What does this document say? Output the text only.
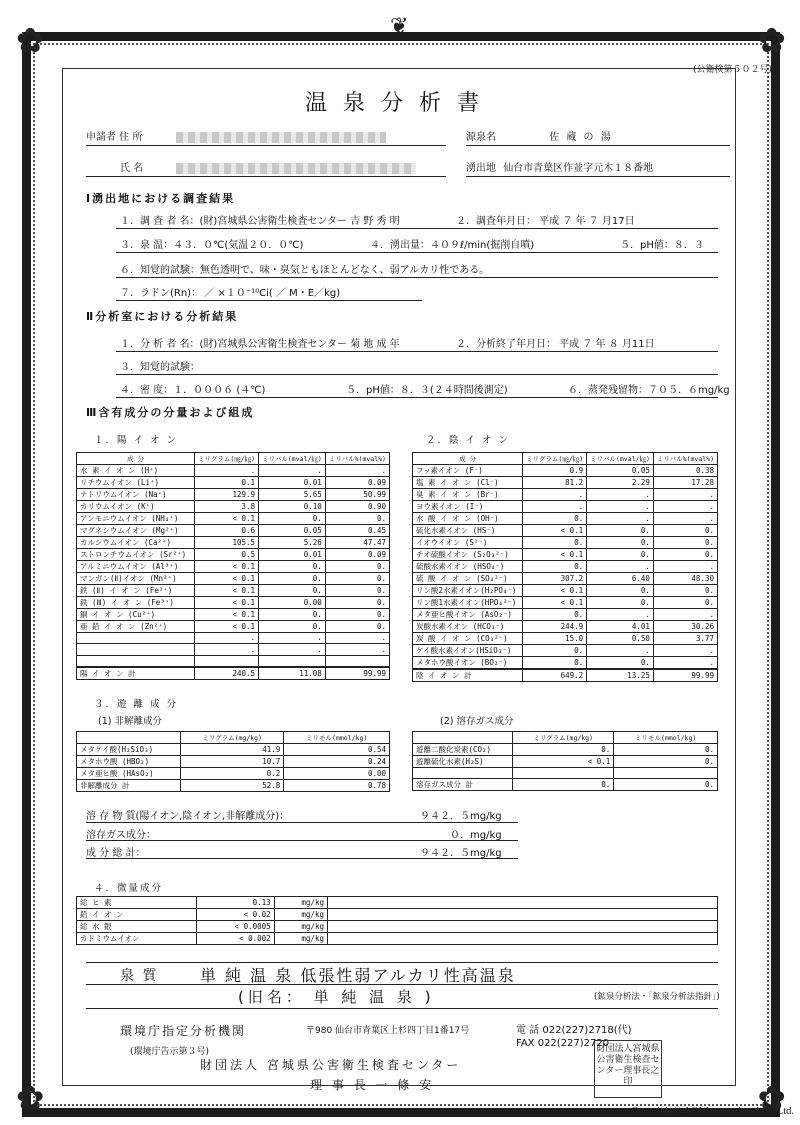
❦
✿	✿
✿	✿
(公衛検第５０２号)
温泉分析書
申請者 住 所	源泉名	佐 蔵 の 湯
氏 名	湧出地 仙台市青葉区作並字元木１８番地
Ⅰ湧出地における調査結果
１．調 査 者 名：(財)宮城県公害衛生検査センター 吉 野 秀 明	２．調査年月日： 平成 ７ 年 ７ 月17日
３．泉 温：４３．０℃(気温２０．０℃)	４．湧出量：４０９ℓ/min(掘削自噴)	５．pH値：８．３
６．知覚的試験：無色透明で、味・臭気ともほとんどなく、弱アルカリ性である。
７．ラドン(Rn)： ／ ×１０⁻¹⁰Ci( ／ M・E／kg)
Ⅱ分析室における分析結果
１．分 析 者 名：(財)宮城県公害衛生検査センター 菊 地 成 年	２．分析終了年月日： 平成 ７ 年 ８ 月11日
３．知覚的試験：
４．密 度：１．０００６ (４℃)	５．pH値：８．３(２４時間後測定)	６．蒸発残留物：７０５．６mg/kg
Ⅲ含有成分の分量および組成
１．陽 イ オ ン	２．陰 イ オ ン
成 分	ミリグラム(㎎/㎏)	ミリバル(mval/㎏)	ミリバル%(mval%)
水 素 イ オ ン (H⁺)	.	.	.
リチウムイオン (Li⁺)	0.1	0.01	0.09
ナトリウムイオン (Na⁺)	129.9	5.65	50.99
カリウムイオン (K⁺)	3.8	0.10	0.90
アンモニウムイオン (NH₄⁺)	< 0.1	0.	0.
マグネシウムイオン (Mg²⁺)	0.6	0.05	0.45
カルシウムイオン (Ca²⁺)	105.5	5.26	47.47
ストロンチウムイオン (Sr²⁺)	0.5	0.01	0.09
アルミニウムイオン (Al³⁺)	< 0.1	0.	0.
マンガン(Ⅱ)イオン (Mn²⁺)	< 0.1	0.	0.
鉄 (Ⅱ) イ オ ン (Fe²⁺)	< 0.1	0.	0.
鉄 (Ⅲ) イ オ ン (Fe³⁺)	< 0.1	0.00	0.
銅 イ オ ン (Cu²⁺)	< 0.1	0.	0.
亜 鉛 イ オ ン (Zn²⁺)	< 0.1	0.	0.
	.	.	.
	.	.	.

陽 イ オ ン 計	240.5	11.08	99.99
成 分	ミリグラム(㎎/㎏)	ミリバル(mval/㎏)	ミリバル%(mval%)
フッ素イオン (F⁻)	0.9	0.05	0.38
塩 素 イ オ ン (Cl⁻)	81.2	2.29	17.28
臭 素 イ オ ン (Br⁻)	.	.	.
ヨウ素イオン (I⁻)	.	.	.
水 酸 イ オ ン (OH⁻)	0.	.	.
硫化水素イオン (HS⁻)	< 0.1	0.	0.
イオウイオン (S²⁻)	0.	0.	0.
チオ硫酸イオン (S₂O₃²⁻)	< 0.1	0.	0.
硫酸水素イオン (HSO₄⁻)	0.	.	.
硫 酸 イ オ ン (SO₄²⁻)	307.2	6.40	48.30
リン酸2水素イオン(H₂PO₄⁻)	< 0.1	0.	0.
リン酸1水素イオン(HPO₄²⁻)	< 0.1	0.	0.
メタ亜ヒ酸イオン (AsO₂⁻)	0.	.	.
炭酸水素イオン (HCO₃⁻)	244.9	4.01	30.26
炭 酸 イ オ ン (CO₃²⁻)	15.0	0.50	3.77
ケイ酸水素イオン(HSiO₃⁻)	0.	.	.
メタホウ酸イオン (BO₂⁻)	0.	0.	.
陰 イ オ ン 計	649.2	13.25	99.99
３．遊 離 成 分
(1) 非解離成分	(2) 溶存ガス成分
	ミリグラム(mg/kg)	ミリモル(mmol/kg)
メタケイ酸(H₂SiO₃)	41.9	0.54
メタホウ酸 (HBO₂)	10.7	0.24
メタ亜ヒ酸 (HAsO₂)	0.2	0.00
非解離成分 計	52.8	0.78
	ミリグラム(mg/kg)	ミリモル(mmol/kg)
遊離二酸化炭素(CO₂)	0.	0.
遊離硫化水素(H₂S)	< 0.1	0.

溶存ガス成分 計	0.	0.
溶 存 物 質(陽イオン,陰イオン,非解離成分)：	９４２．５mg/kg
溶存ガス成分：	０．mg/kg
成 分 総 計：	９４２．５mg/kg
４．微量成分
総 ヒ 素	0.13	mg/kg	
鉛 イ オ ン	< 0.02	mg/kg	
総 水 銀	< 0.0005	mg/kg	
カドミウムイオン	< 0.002	mg/kg	
泉 質	単 純 温 泉 低張性弱アルカリ性高温泉
(旧名： 単 純 温 泉 )	(鉱泉分析法・「鉱泉分析法指針」)
環境庁指定分析機関
(環境庁告示第３号)
〒980 仙台市青葉区上杉四丁目1番17号	電 話 022(227)2718(代)
FAX 022(227)2720
財団法人 宮城県公害衛生検査センター
理 事 長 一 條 安
財団法人宮城県公害衛生検査センター理事長之印
Copyright© AOI-International Co.Ltd.
